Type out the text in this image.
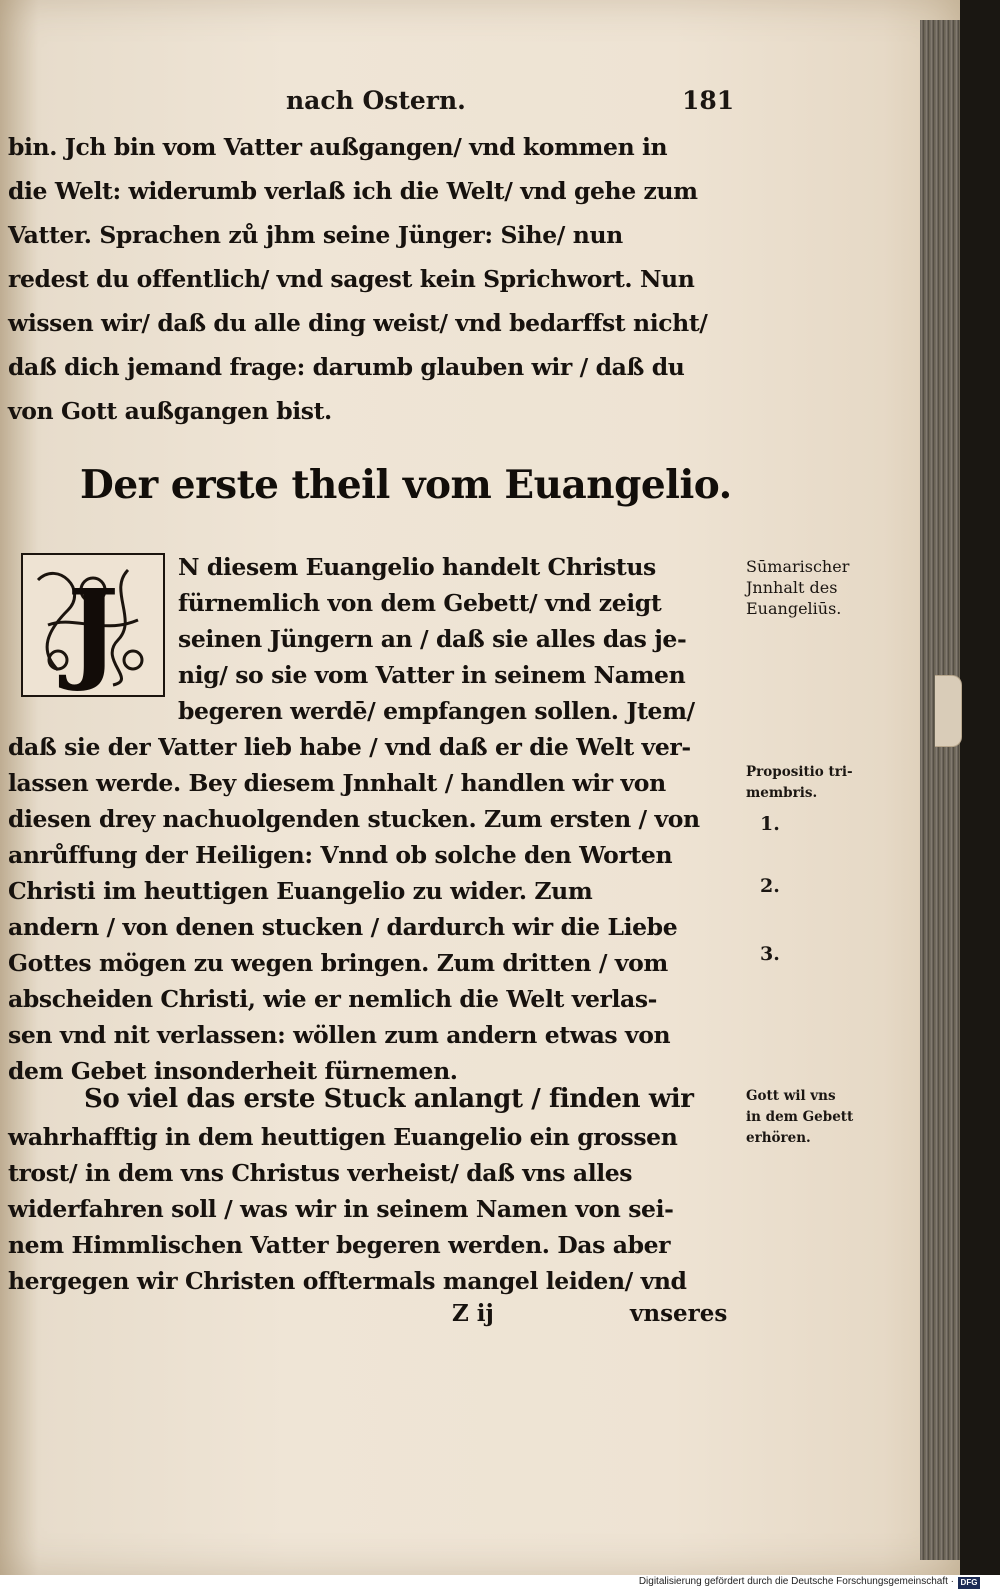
nach Ostern.	181
bin. Jch bin vom Vatter außgangen/ vnd kommen in
die Welt: widerumb verlaß ich die Welt/ vnd gehe zum
Vatter. Sprachen zů jhm seine Jünger: Sihe/ nun
redest du offentlich/ vnd sagest kein Sprichwort. Nun
wissen wir/ daß du alle ding weist/ vnd bedarffst nicht/
daß dich jemand frage: darumb glauben wir / daß du
von Gott außgangen bist.
Der erste theil vom Euangelio.
J	N diesem Euangelio handelt Christus
fürnemlich von dem Gebett/ vnd zeigt
seinen Jüngern an / daß sie alles das je-
nig/ so sie vom Vatter in seinem Namen
begeren werdē/ empfangen sollen. Jtem/
daß sie der Vatter lieb habe / vnd daß er die Welt ver-
lassen werde. Bey diesem Jnnhalt / handlen wir von
diesen drey nachuolgenden stucken. Zum ersten / von
anrůffung der Heiligen: Vnnd ob solche den Worten
Christi im heuttigen Euangelio zu wider. Zum
andern / von denen stucken / dardurch wir die Liebe
Gottes mögen zu wegen bringen. Zum dritten / vom
abscheiden Christi, wie er nemlich die Welt verlas-
sen vnd nit verlassen: wöllen zum andern etwas von
dem Gebet insonderheit fürnemen.
So viel das erste Stuck anlangt / finden wir
wahrhafftig in dem heuttigen Euangelio ein grossen
trost/ in dem vns Christus verheist/ daß vns alles
widerfahren soll / was wir in seinem Namen von sei-
nem Himmlischen Vatter begeren werden. Das aber
hergegen wir Christen offtermals mangel leiden/ vnd
Sūmarischer
Jnnhalt des
Euangeliūs.
Propositio tri-
membris.
1.
2.
3.
Gott wil vns
in dem Gebett
erhören.
Z ij	vnseres
Digitalisierung gefördert durch die Deutsche Forschungsgemeinschaft · DFG
